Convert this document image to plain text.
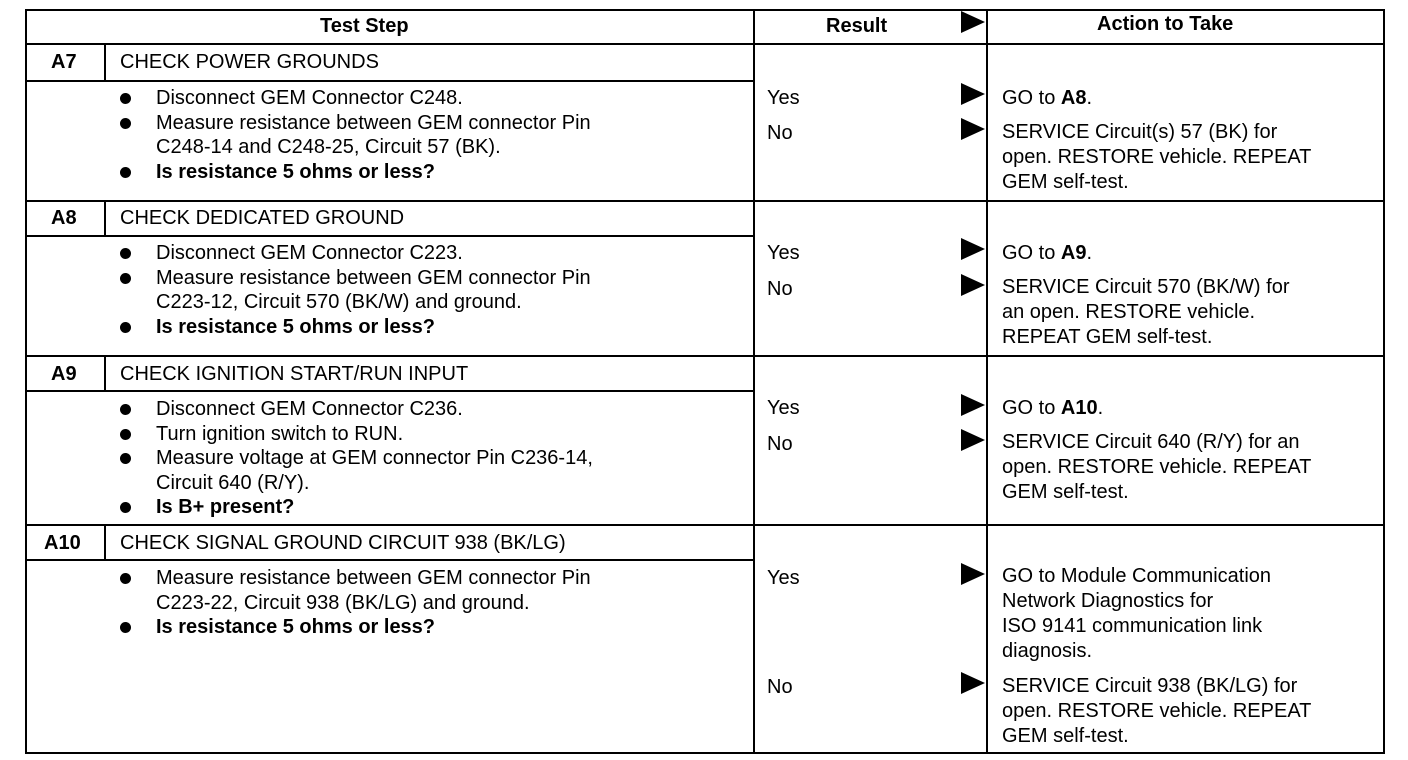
Test Step	Result	Action to Take
A7 CHECK POWER GROUNDS
Disconnect GEM Connector C248.
Measure resistance between GEM connector Pin
C248-14 and C248-25, Circuit 57 (BK).
Is resistance 5 ohms or less?
Yes
No
GO to A8.
SERVICE Circuit(s) 57 (BK) for
open. RESTORE vehicle. REPEAT
GEM self-test.
A8 CHECK DEDICATED GROUND
Disconnect GEM Connector C223.
Measure resistance between GEM connector Pin
C223-12, Circuit 570 (BK/W) and ground.
Is resistance 5 ohms or less?
Yes
No
GO to A9.
SERVICE Circuit 570 (BK/W) for
an open. RESTORE vehicle.
REPEAT GEM self-test.
A9 CHECK IGNITION START/RUN INPUT
Disconnect GEM Connector C236.
Turn ignition switch to RUN.
Measure voltage at GEM connector Pin C236-14,
Circuit 640 (R/Y).
Is B+ present?
Yes
No
GO to A10.
SERVICE Circuit 640 (R/Y) for an
open. RESTORE vehicle. REPEAT
GEM self-test.
A10 CHECK SIGNAL GROUND CIRCUIT 938 (BK/LG)
Measure resistance between GEM connector Pin
C223-22, Circuit 938 (BK/LG) and ground.
Is resistance 5 ohms or less?
Yes
No
GO to Module Communication
Network Diagnostics for
ISO 9141 communication link
diagnosis.
SERVICE Circuit 938 (BK/LG) for
open. RESTORE vehicle. REPEAT
GEM self-test.
